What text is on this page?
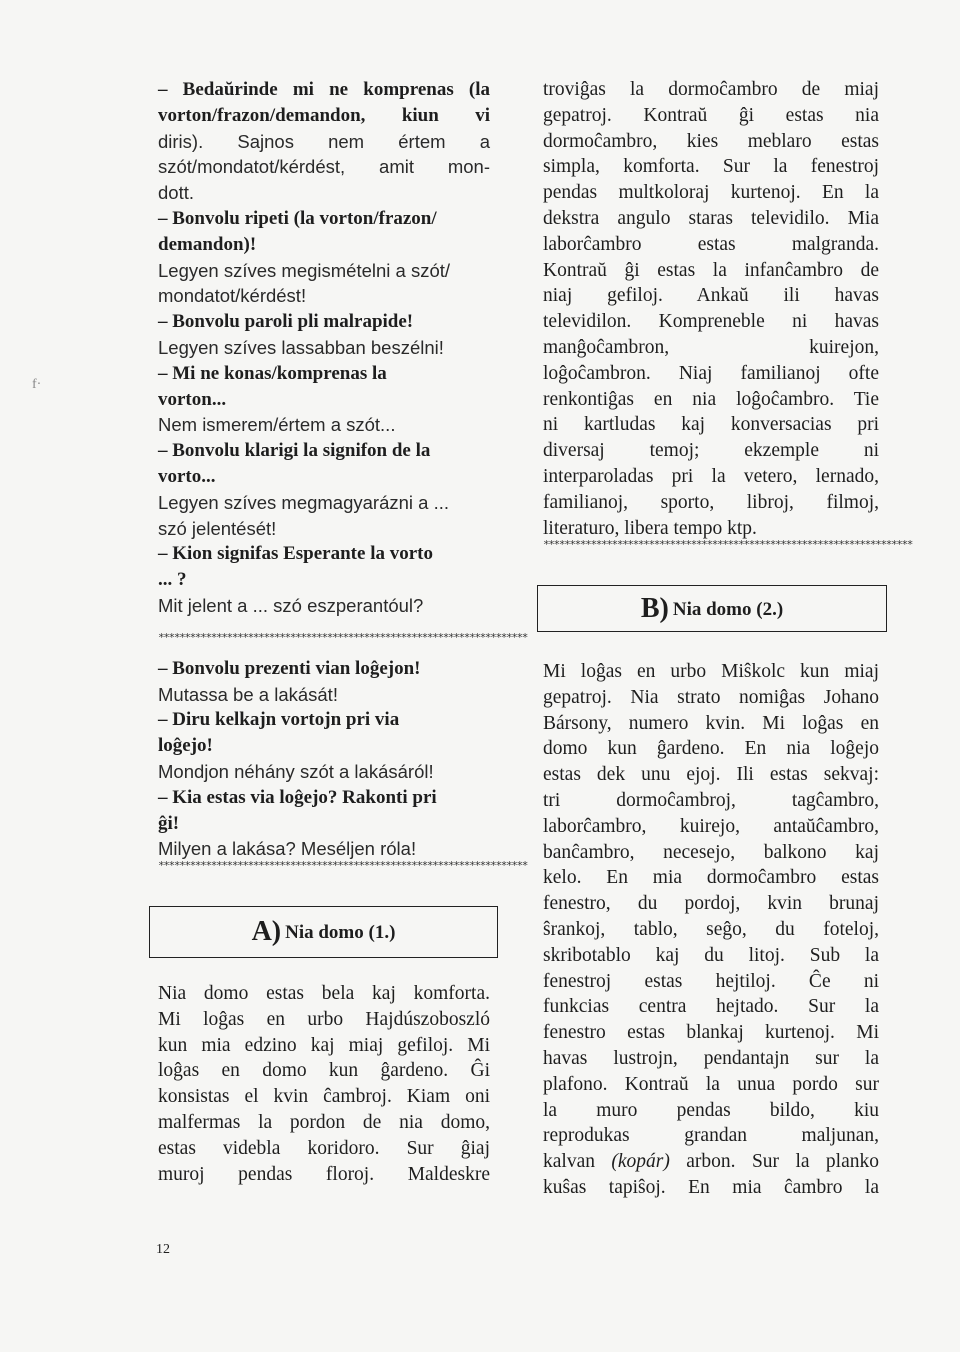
– Bedaŭrinde mi ne komprenas (la
vorton/frazon/demandon, kiun vi
diris). Sajnos nem értem a
szót/mondatot/kérdést, amit mon-
dott.
– Bonvolu ripeti (la vorton/frazon/
demandon)!
Legyen szíves megismételni a szót/
mondatot/kérdést!
– Bonvolu paroli pli malrapide!
Legyen szíves lassabban beszélni!
– Mi ne konas/komprenas la
vorton...
Nem ismerem/értem a szót...
– Bonvolu klarigi la signifon de la
vorto...
Legyen szíves megmagyarázni a ...
szó jelentését!
– Kion signifas Esperante la vorto
... ?
Mit jelent a ... szó eszperantóul?
**********************************************************************
– Bonvolu prezenti vian loĝejon!
Mutassa be a lakását!
– Diru kelkajn vortojn pri via
loĝejo!
Mondjon néhány szót a lakásáról!
– Kia estas via loĝejo? Rakonti pri
ĝi!
Milyen a lakása? Meséljen róla!
**********************************************************************
A) Nia domo (1.)
Nia domo estas bela kaj komforta.
Mi loĝas en urbo Hajdúszoboszló
kun mia edzino kaj miaj gefiloj. Mi
loĝas en domo kun ĝardeno. Ĝi
konsistas el kvin ĉambroj. Kiam oni
malfermas la pordon de nia domo,
estas videbla koridoro. Sur ĝiaj
muroj pendas floroj. Maldeskre
troviĝas la dormoĉambro de miaj
gepatroj. Kontraŭ ĝi estas nia
dormoĉambro, kies meblaro estas
simpla, komforta. Sur la fenestroj
pendas multkoloraj kurtenoj. En la
dekstra angulo staras televidilo. Mia
laborĉambro estas malgranda.
Kontraŭ ĝi estas la infanĉambro de
niaj gefiloj. Ankaŭ ili havas
televidilon. Kompreneble ni havas
manĝoĉambron, kuirejon,
loĝoĉambron. Niaj familianoj ofte
renkontiĝas en nia loĝoĉambro. Tie
ni kartludas kaj konversacias pri
diversaj temoj; ekzemple ni
interparoladas pri la vetero, lernado,
familianoj, sporto, libroj, filmoj,
literaturo, libera tempo ktp.
**********************************************************************
B) Nia domo (2.)
Mi loĝas en urbo Miŝkolc kun miaj
gepatroj. Nia strato nomiĝas Johano
Bársony, numero kvin. Mi loĝas en
domo kun ĝardeno. En nia loĝejo
estas dek unu ejoj. Ili estas sekvaj:
tri dormoĉambroj, tagĉambro,
laborĉambro, kuirejo, antaŭĉambro,
banĉambro, necesejo, balkono kaj
kelo. En mia dormoĉambro estas
fenestro, du pordoj, kvin brunaj
ŝrankoj, tablo, seĝo, du foteloj,
skribotablo kaj du litoj. Sub la
fenestroj estas hejtiloj. Ĉe ni
funkcias centra hejtado. Sur la
fenestro estas blankaj kurtenoj. Mi
havas lustrojn, pendantajn sur la
plafono. Kontraŭ la unua pordo sur
la muro pendas bildo, kiu
reprodukas grandan maljunan,
kalvan (kopár) arbon. Sur la planko
kuŝas tapiŝoj. En mia ĉambro la
12
f·
